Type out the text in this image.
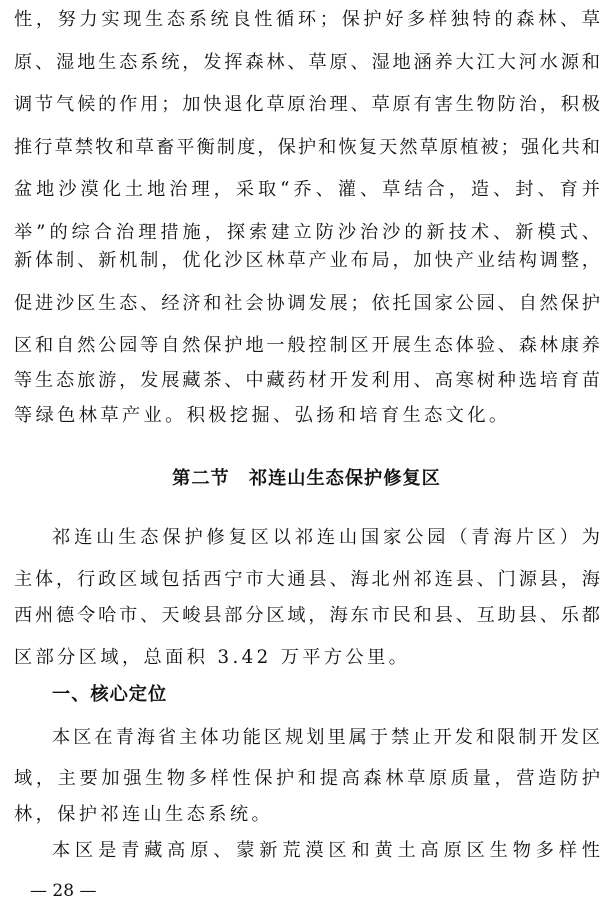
性，努力实现生态系统良性循环；保护好多样独特的森林、草
原、湿地生态系统，发挥森林、草原、湿地涵养大江大河水源和
调节气候的作用；加快退化草原治理、草原有害生物防治，积极
推行草禁牧和草畜平衡制度，保护和恢复天然草原植被；强化共和
盆地沙漠化土地治理，采取“乔、灌、草结合，造、封、育并
举”的综合治理措施，探索建立防沙治沙的新技术、新模式、
新体制、新机制，优化沙区林草产业布局，加快产业结构调整，
促进沙区生态、经济和社会协调发展；依托国家公园、自然保护
区和自然公园等自然保护地一般控制区开展生态体验、森林康养
等生态旅游，发展藏茶、中藏药材开发利用、高寒树种选培育苗
等绿色林草产业。积极挖掘、弘扬和培育生态文化。
第二节　祁连山生态保护修复区
祁连山生态保护修复区以祁连山国家公园（青海片区）为
主体，行政区域包括西宁市大通县、海北州祁连县、门源县，海
西州德令哈市、天峻县部分区域，海东市民和县、互助县、乐都
区部分区域，总面积 3.42 万平方公里。
一、核心定位
本区在青海省主体功能区规划里属于禁止开发和限制开发区
域，主要加强生物多样性保护和提高森林草原质量，营造防护
林，保护祁连山生态系统。
本区是青藏高原、蒙新荒漠区和黄土高原区生物多样性
— 28 —
